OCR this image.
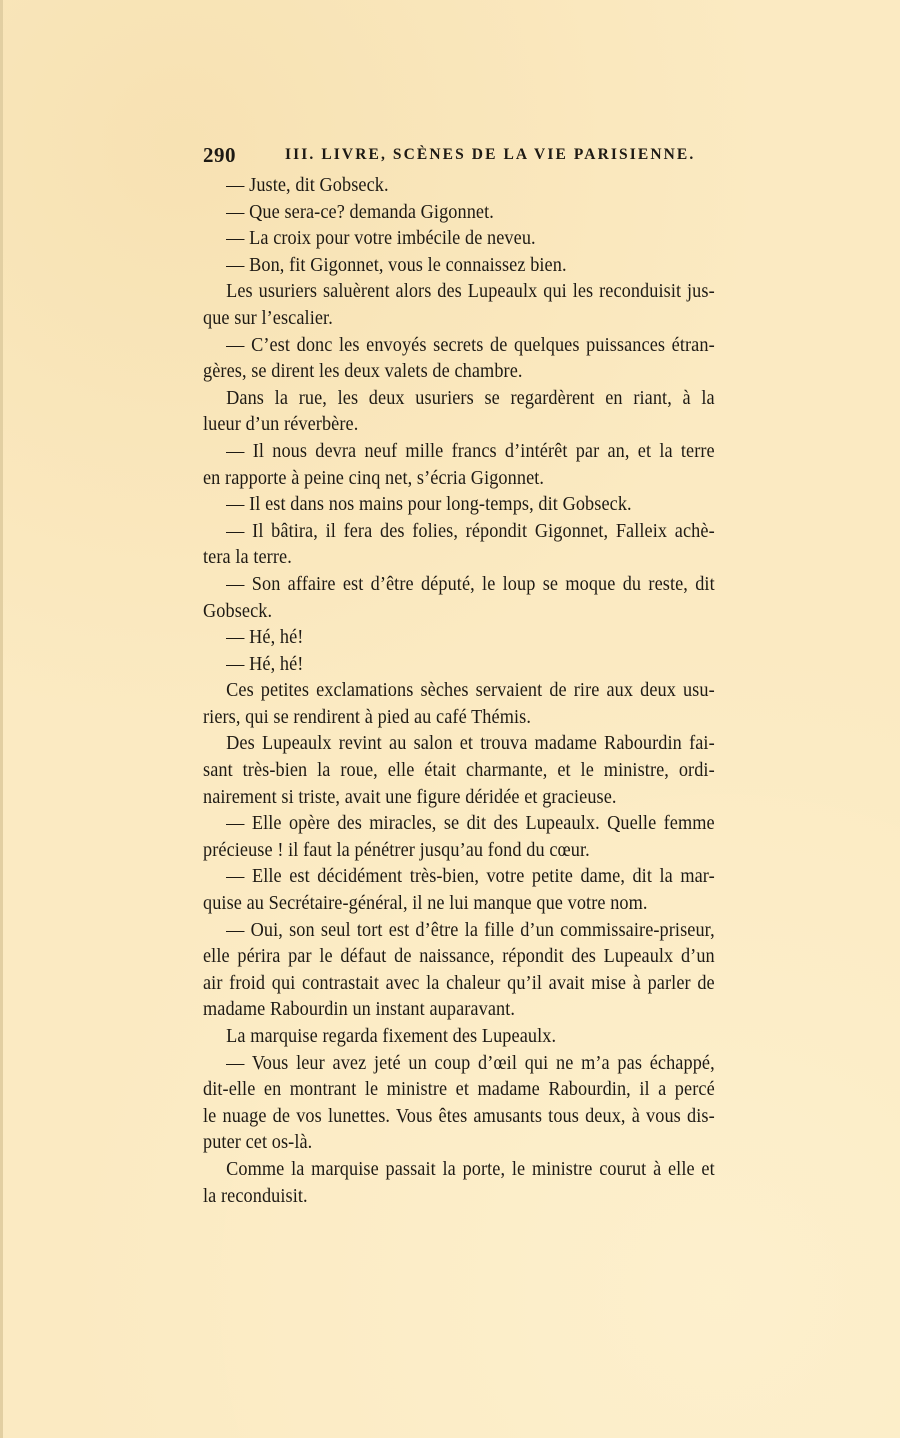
290	III. LIVRE, SCÈNES DE LA VIE PARISIENNE.
— Juste, dit Gobseck.
— Que sera-ce? demanda Gigonnet.
— La croix pour votre imbécile de neveu.
— Bon, fit Gigonnet, vous le connaissez bien.
Les usuriers saluèrent alors des Lupeaulx qui les reconduisit jus-
que sur l’escalier.
— C’est donc les envoyés secrets de quelques puissances étran-
gères, se dirent les deux valets de chambre.
Dans la rue, les deux usuriers se regardèrent en riant, à la
lueur d’un réverbère.
— Il nous devra neuf mille francs d’intérêt par an, et la terre
en rapporte à peine cinq net, s’écria Gigonnet.
— Il est dans nos mains pour long-temps, dit Gobseck.
— Il bâtira, il fera des folies, répondit Gigonnet, Falleix achè-
tera la terre.
— Son affaire est d’être député, le loup se moque du reste, dit
Gobseck.
— Hé, hé!
— Hé, hé!
Ces petites exclamations sèches servaient de rire aux deux usu-
riers, qui se rendirent à pied au café Thémis.
Des Lupeaulx revint au salon et trouva madame Rabourdin fai-
sant très-bien la roue, elle était charmante, et le ministre, ordi-
nairement si triste, avait une figure déridée et gracieuse.
— Elle opère des miracles, se dit des Lupeaulx. Quelle femme
précieuse ! il faut la pénétrer jusqu’au fond du cœur.
— Elle est décidément très-bien, votre petite dame, dit la mar-
quise au Secrétaire-général, il ne lui manque que votre nom.
— Oui, son seul tort est d’être la fille d’un commissaire-priseur,
elle périra par le défaut de naissance, répondit des Lupeaulx d’un
air froid qui contrastait avec la chaleur qu’il avait mise à parler de
madame Rabourdin un instant auparavant.
La marquise regarda fixement des Lupeaulx.
— Vous leur avez jeté un coup d’œil qui ne m’a pas échappé,
dit-elle en montrant le ministre et madame Rabourdin, il a percé
le nuage de vos lunettes. Vous êtes amusants tous deux, à vous dis-
puter cet os-là.
Comme la marquise passait la porte, le ministre courut à elle et
la reconduisit.
